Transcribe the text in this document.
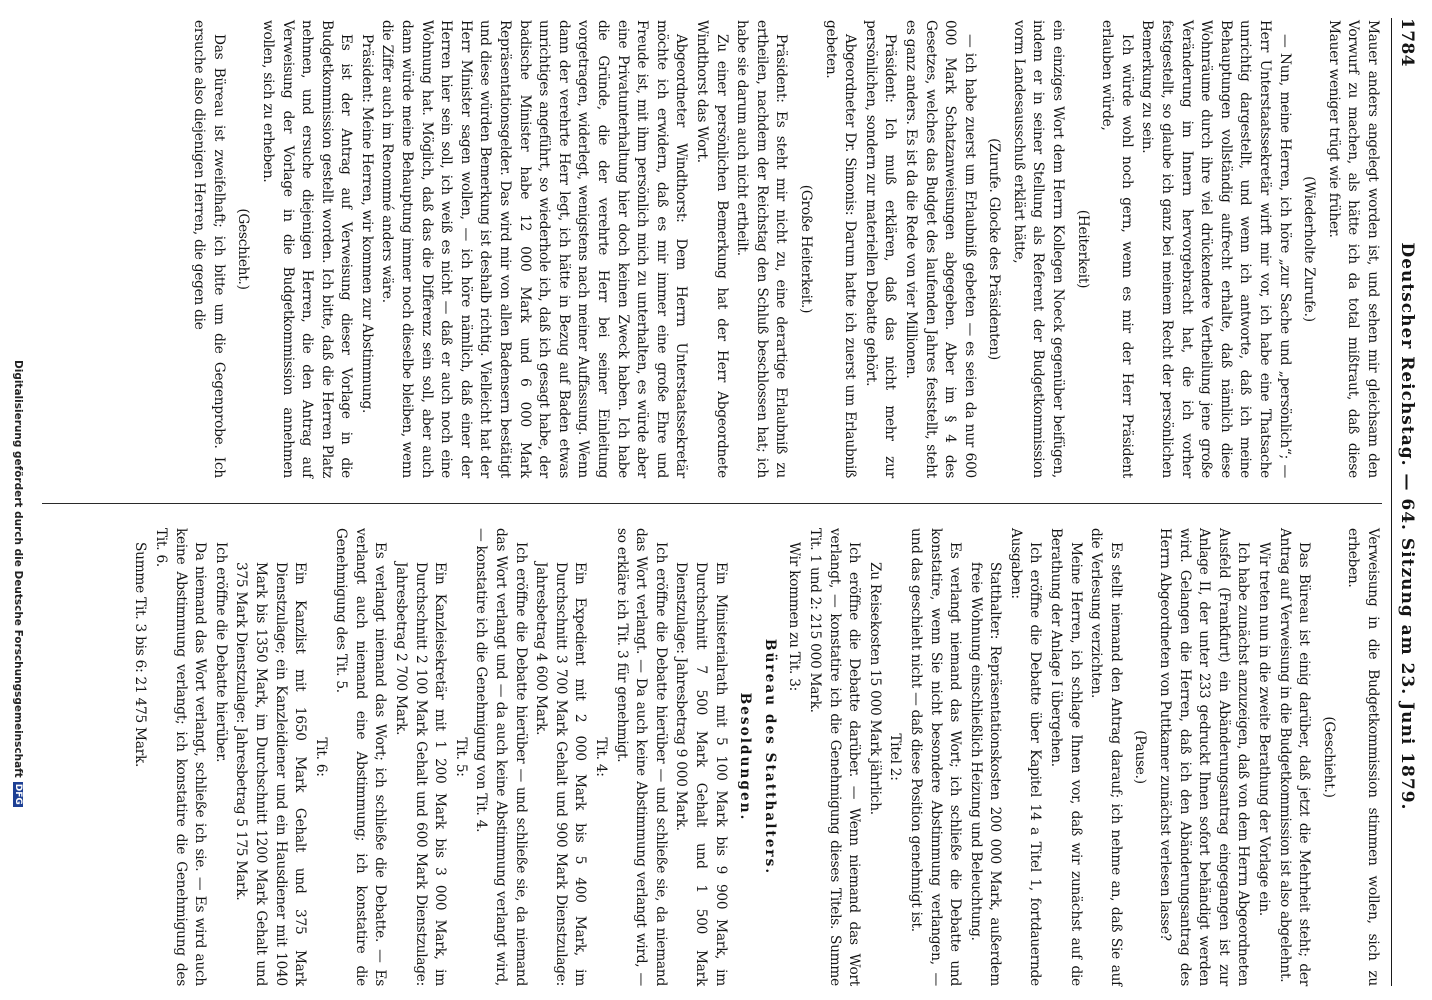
1784
Deutscher Reichstag. — 64. Sitzung am 23. Juni 1879.

Mauer anders angelegt worden ist, und sehen mir gleichsam den Vorwurf zu machen, als hätte ich da total mißtraut, daß diese Mauer weniger trügt wie früher.

(Wiederholte Zurufe.)

— Nun, meine Herren, ich höre „zur Sache und „persönlich“; — Herr Unterstaatssekretär wirft mir vor, ich habe eine Thatsache unrichtig dargestellt, und wenn ich antworte, daß ich meine Behauptungen vollständig aufrecht erhalte, daß nämlich diese Wohnräume durch ihre viel drückendere Vertheilung jene große Veränderung im Innern hervorgebracht hat, die ich vorher festgestellt, so glaube ich ganz bei meinem Recht der persönlichen Bemerkung zu sein.

Ich würde wohl noch gern, wenn es mir der Herr Präsident erlauben würde,

(Heiterkeit)

ein einziges Wort dem Herrn Kollegen Noeck gegenüber beifügen, indem er in seiner Stellung als Referent der Budgetkommission vorm Landesausschuß erklärt hätte,

(Zurufe. Glocke des Präsidenten)

— ich habe zuerst um Erlaubniß gebeten — es seien da nur 600 000 Mark Schatzanweisungen abgegeben. Aber im § 4 des Gesetzes, welches das Budget des laufenden Jahres feststellt, steht es ganz anders. Es ist da die Rede von vier Millionen.

Präsident: Ich muß erklären, daß das nicht mehr zur persönlichen, sondern zur materiellen Debatte gehört.

Abgeordneter Dr. Simonis: Darum hatte ich zuerst um Erlaubniß gebeten.

(Große Heiterkeit.)

Präsident: Es steht mir nicht zu, eine derartige Erlaubniß zu ertheilen, nachdem der Reichstag den Schluß beschlossen hat; ich habe sie darum auch nicht ertheilt.

Zu einer persönlichen Bemerkung hat der Herr Abgeordnete Windthorst das Wort.

Abgeordneter Windthorst: Dem Herrn Unterstaatssekretär möchte ich erwidern, daß es mir immer eine große Ehre und Freude ist, mit ihm persönlich mich zu unterhalten, es würde aber eine Privatunterhaltung hier doch keinen Zweck haben. Ich habe die Gründe, die der verehrte Herr bei seiner Einleitung vorgetragen, widerlegt, wenigstens nach meiner Auffassung. Wenn dann der verehrte Herr legt, ich hätte in Bezug auf Baden etwas unrichtiges angeführt, so wiederhole ich, daß ich gesagt habe, der badische Minister habe 12 000 Mark und 6 000 Mark Repräsentationsgelder. Das wird mir von allen Badensern bestätigt und diese würden Bemerkung ist deshalb richtig. Vielleicht hat der Herr Minister sagen wollen, — ich höre nämlich, daß einer der Herren hier sein soll, ich weiß es nicht — daß er auch noch eine Wohnung hat. Möglich, daß das die Differenz sein soll, aber auch dann würde meine Behauptung immer noch dieselbe bleiben, wenn die Ziffer auch im Renommé anders wäre.

Präsident: Meine Herren, wir kommen zur Abstimmung.

Es ist der Antrag auf Verweisung dieser Vorlage in die Budgetkommission gestellt worden. Ich bitte, daß die Herren Platz nehmen, und ersuche diejenigen Herren, die den Antrag auf Verweisung der Vorlage in die Budgetkommission annehmen wollen, sich zu erheben.

(Geschieht.)

Das Büreau ist zweifelhaft; ich bitte um die Gegenprobe. Ich ersuche also diejenigen Herren, die gegen die

Verweisung in die Budgetkommission stimmen wollen, sich zu erheben.

(Geschieht.)

Das Büreau ist einig darüber, daß jetzt die Mehrheit steht; der Antrag auf Verweisung in die Budgetkommission ist also abgelehnt.

Wir treten nun in die zweite Berathung der Vorlage ein.

Ich habe zunächst anzuzeigen, daß von dem Herrn Abgeordneten Ausfeld (Frankfurt) ein Abänderungsantrag eingegangen ist zur Anlage II, der unter 233 gedruckt Ihnen sofort behändigt werden wird. Gelangen die Herren, daß ich den Abänderungsantrag des Herrn Abgeordneten von Puttkamer zunächst verlesen lasse?

(Pause.)

Es stellt niemand den Antrag darauf; ich nehme an, daß Sie auf die Verlesung verzichten.

Meine Herren, ich schlage Ihnen vor, daß wir zunächst auf die Berathung der Anlage I übergehen.

Ich eröffne die Debatte über Kapitel 14 a Titel 1, fortdauernde Ausgaben:

Statthalter: Repräsentationskosten 200 000 Mark, außerdem freie Wohnung einschließlich Heizung und Beleuchtung.

Es verlangt niemand das Wort; ich schließe die Debatte und konstatire, wenn Sie nicht besondere Abstimmung verlangen, — und das geschieht nicht — daß diese Position genehmigt ist.

Titel 2:

Zu Reisekosten 15 000 Mark jährlich.

Ich eröffne die Debatte darüber. — Wenn niemand das Wort verlangt, — konstatire ich die Genehmigung dieses Titels. Summe Tit. 1 und 2: 215 000 Mark.

Wir kommen zu Tit. 3:

Büreau des Statthalters.

Besoldungen.

Ein Ministerialrath mit 5 100 Mark bis 9 900 Mark, im Durchschnitt 7 500 Mark Gehalt und 1 500 Mark Dienstzulage: Jahresbetrag 9 000 Mark.

Ich eröffne die Debatte hierüber — und schließe sie, da niemand das Wort verlangt. — Da auch keine Abstimmung verlangt wird, — so erkläre ich Tit. 3 für genehmigt.

Tit. 4:

Ein Expedient mit 2 000 Mark bis 5 400 Mark, im Durchschnitt 3 700 Mark Gehalt und 900 Mark Dienstzulage: Jahresbetrag 4 600 Mark.

Ich eröffne die Debatte hierüber — und schließe sie, da niemand das Wort verlangt und — da auch keine Abstimmung verlangt wird, — konstatire ich die Genehmigung von Tit. 4.

Tit. 5:

Ein Kanzleisekretär mit 1 200 Mark bis 3 000 Mark, im Durchschnitt 2 100 Mark Gehalt und 600 Mark Dienstzulage: Jahresbetrag 2 700 Mark.

Es verlangt niemand das Wort; ich schließe die Debatte. — Es verlangt auch niemand eine Abstimmung; ich konstatire die Genehmigung des Tit. 5.

Tit. 6:

Ein Kanzlist mit 1650 Mark Gehalt und 375 Mark Dienstzulage; ein Kanzleidiener und ein Hausdiener mit 1040 Mark bis 1350 Mark, im Durchschnitt 1200 Mark Gehalt und 375 Mark Dienstzulage: Jahresbetrag 5 175 Mark.

Ich eröffne die Debatte hierüber.

Da niemand das Wort verlangt, schließe ich sie. — Es wird auch keine Abstimmung verlangt; ich konstatire die Genehmigung des Tit. 6.

Summe Tit. 3 bis 6: 21 475 Mark.

Digitalisierung gefördert durch die Deutsche Forschungsgemeinschaft
DFG
